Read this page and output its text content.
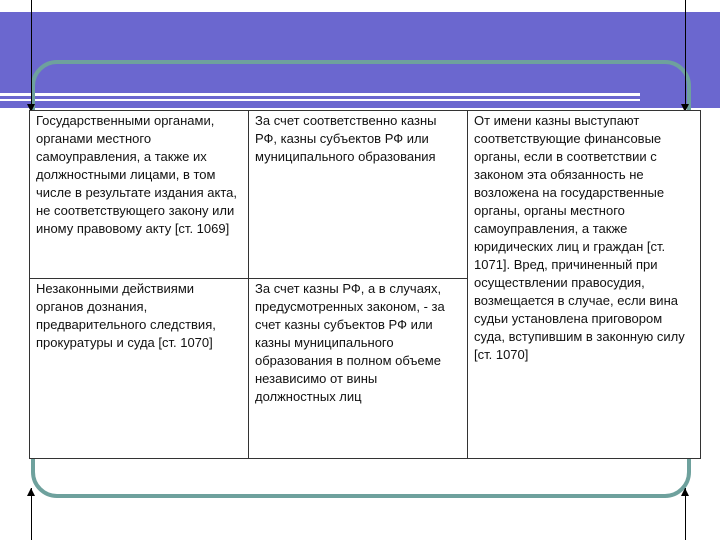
Государственными органами, органами местного самоуправления, а также их должностными лицами, в том числе в результате издания акта, не соответствующего закону или иному правовому акту [ст. 1069]	За счет соответственно казны РФ, казны субъектов РФ или муниципального образования	От имени казны выступают соответствующие финансовые органы, если в соответствии с законом эта обязанность не возложена на государственные органы, органы местного самоуправления, а также юридических лиц и граждан [ст. 1071]. Вред, причиненный при осуществлении правосудия, возмещается в случае, если вина судьи установлена приговором суда, вступившим в законную силу [ст. 1070]
Незаконными действиями органов дознания, предварительного следствия, прокуратуры и суда [ст. 1070]	За счет казны РФ, а в случаях, предусмотренных законом, - за счет казны субъектов РФ или казны муниципального образования в полном объеме независимо от вины должностных лиц	
